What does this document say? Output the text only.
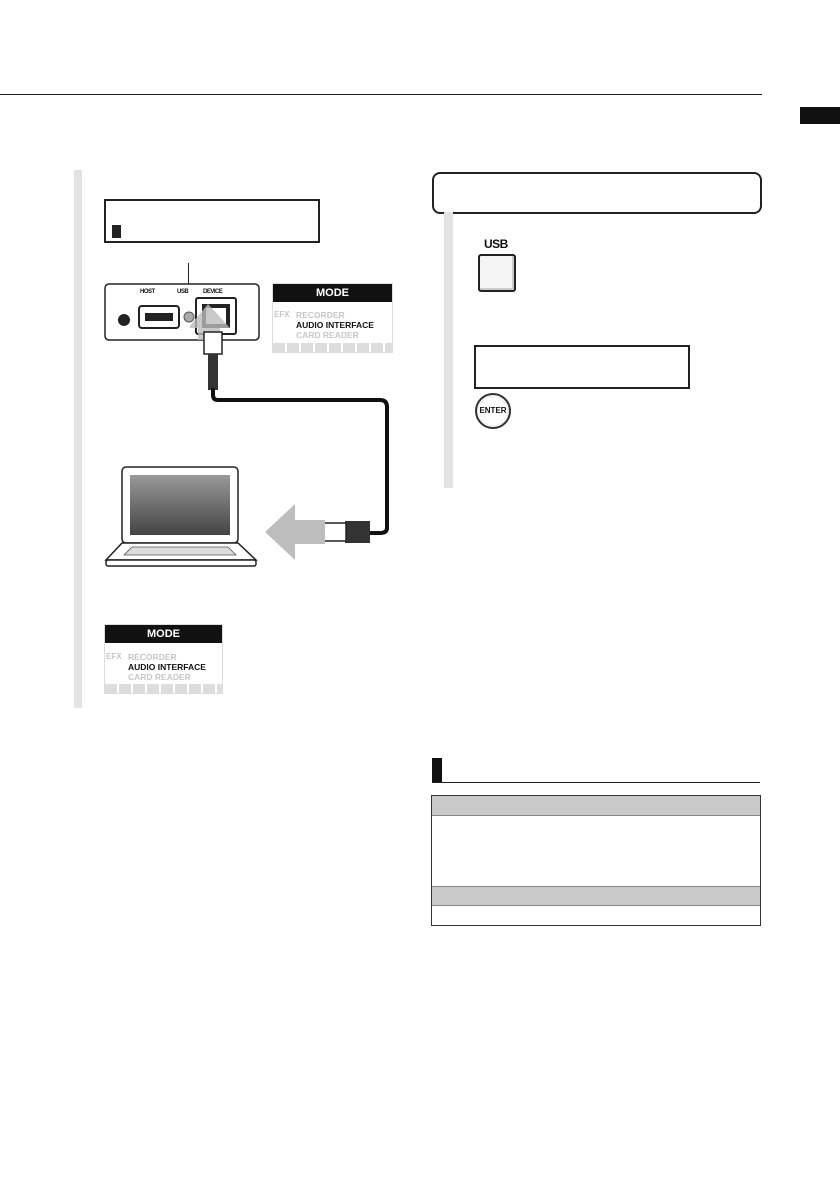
HOST	USB DEVICE	MODE
EFX RECORDER
AUDIO INTERFACE
CARD READER
MODE
EFX RECORDER
AUDIO INTERFACE
CARD READER
USB
ENTER
